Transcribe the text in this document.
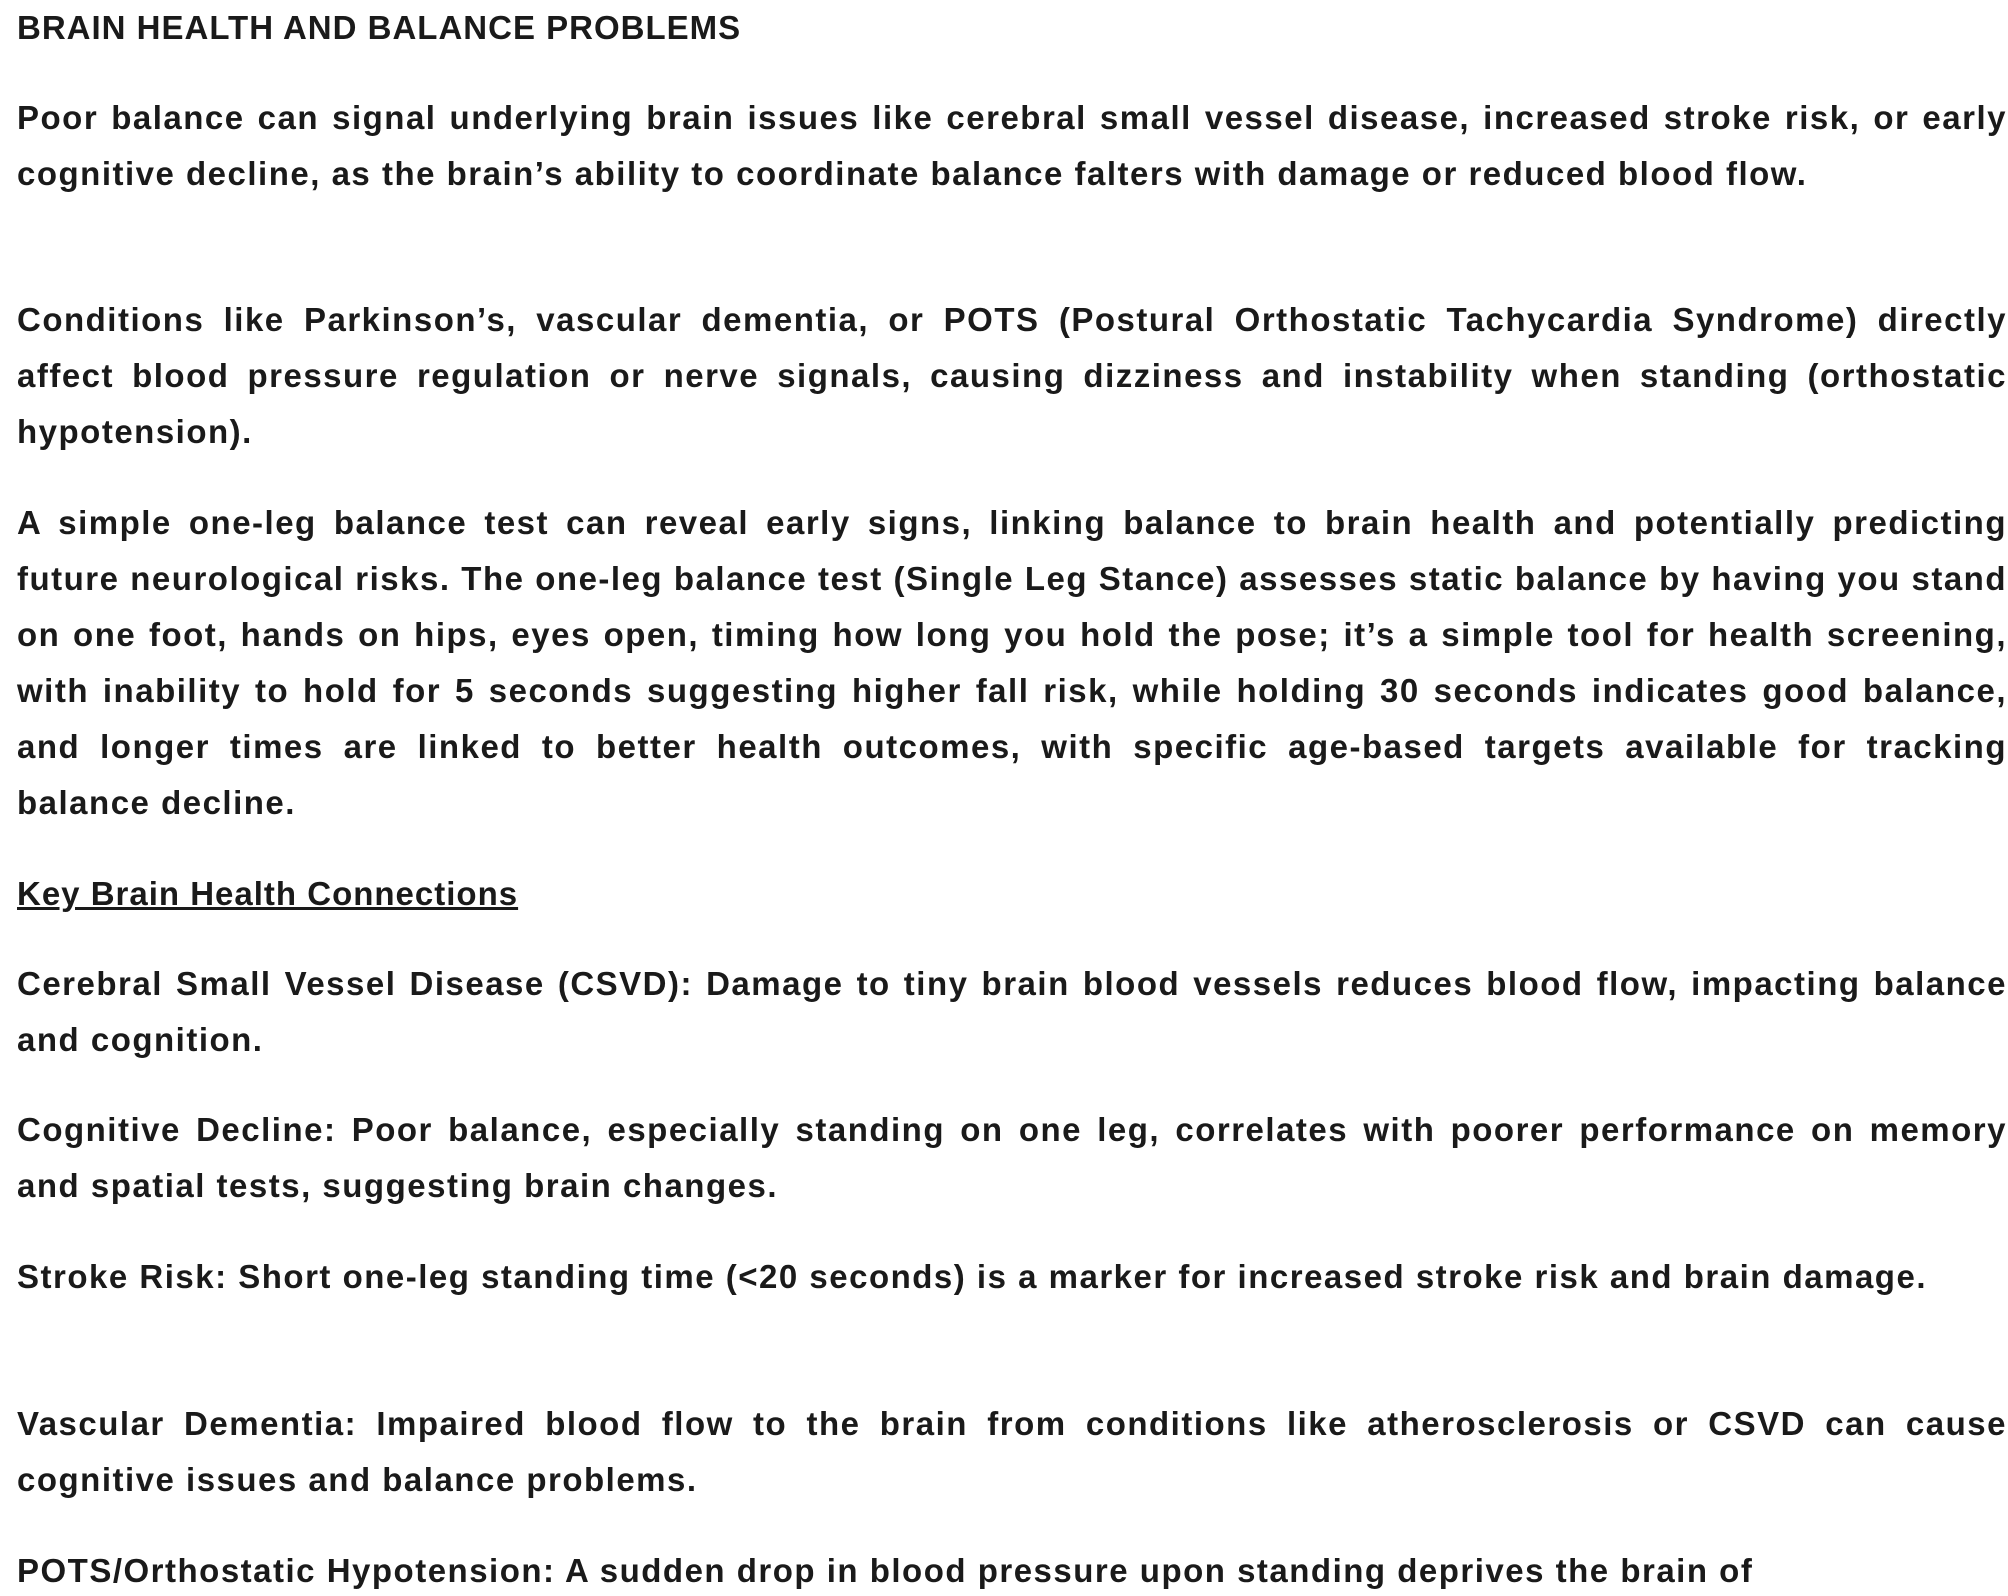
BRAIN HEALTH AND BALANCE PROBLEMS

Poor balance can signal underlying brain issues like cerebral small vessel disease, increased stroke risk, or early cognitive decline, as the brain’s ability to coordinate balance falters with damage or reduced blood flow.

Conditions like Parkinson’s, vascular dementia, or POTS (Postural Orthostatic Tachycardia Syndrome) directly affect blood pressure regulation or nerve signals, causing dizziness and instability when standing (orthostatic hypotension).

A simple one-leg balance test can reveal early signs, linking balance to brain health and potentially predicting future neurological risks. The one-leg balance test (Single Leg Stance) assesses static balance by having you stand on one foot, hands on hips, eyes open, timing how long you hold the pose; it’s a simple tool for health screening, with inability to hold for 5 seconds suggesting higher fall risk, while holding 30 seconds indicates good balance, and longer times are linked to better health outcomes, with specific age-based targets available for tracking balance decline.

Key Brain Health Connections

Cerebral Small Vessel Disease (CSVD): Damage to tiny brain blood vessels reduces blood flow, impacting balance and cognition.

Cognitive Decline: Poor balance, especially standing on one leg, correlates with poorer performance on memory and spatial tests, suggesting brain changes.

Stroke Risk: Short one-leg standing time (<20 seconds) is a marker for increased stroke risk and brain damage.

Vascular Dementia: Impaired blood flow to the brain from conditions like atherosclerosis or CSVD can cause cognitive issues and balance problems.

POTS/Orthostatic Hypotension: A sudden drop in blood pressure upon standing deprives the brain of
